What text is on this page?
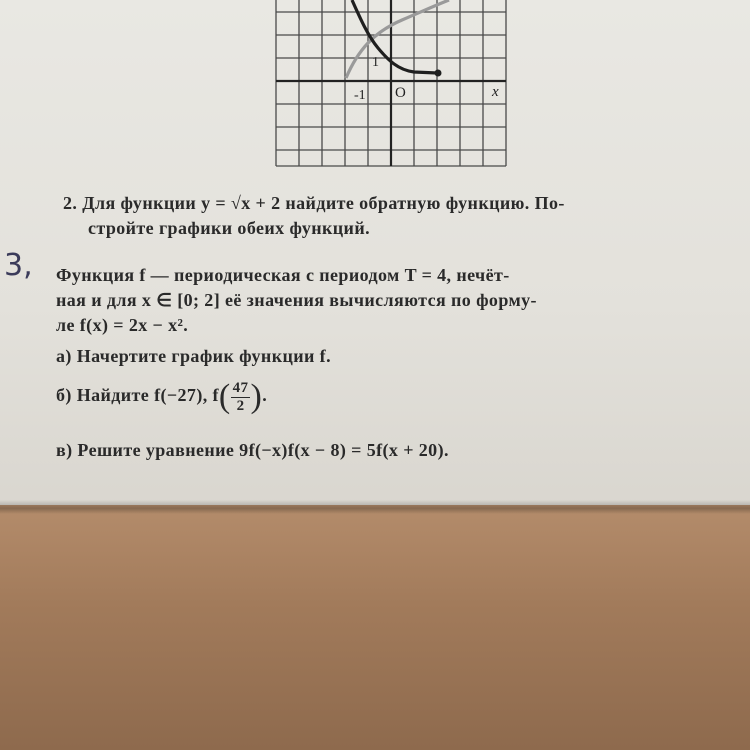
1
-1 O	x
2. Для функции y = √x + 2 найдите обратную функцию. По-
стройте графики обеих функций.
3, Функция f — периодическая с периодом T = 4, нечёт-
ная и для x ∈ [0; 2] её значения вычисляются по форму-
ле f(x) = 2x − x².
а) Начертите график функции f.
б) Найдите f(−27), $f( \frac{47}{2}$ ).
в) Решите уравнение 9f(−x)f(x − 8) = 5f(x + 20).
